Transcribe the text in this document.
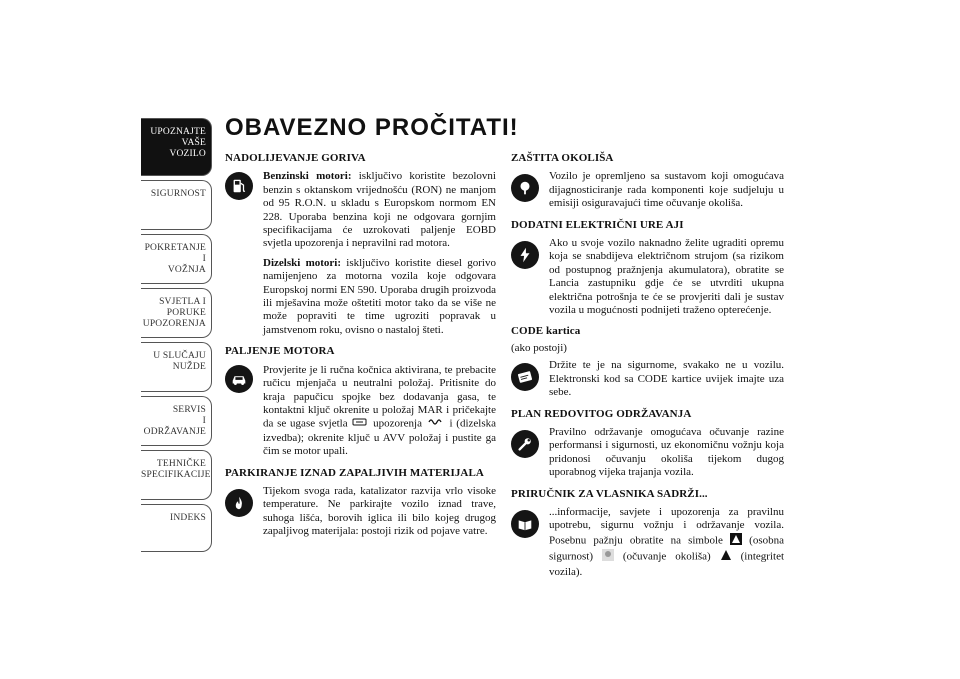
UPOZNAJTE
VAŠE
VOZILO
SIGURNOST
POKRETANJE
I
VOŽNJA
SVJETLA I
PORUKE
UPOZORENJA
U SLUČAJU
NUŽDE
SERVIS
I
ODRŽAVANJE
TEHNIČKE
SPECIFIKACIJE
INDEKS
OBAVEZNO PROČITATI!
NADOLIJEVANJE GORIVA

Benzinski motori: isključivo koristite bezolovni benzin s oktanskom vrijednošću (RON) ne manjom od 95 R.O.N. u skladu s Europskom normom EN 228. Uporaba benzina koji ne odgovara gornjim specifikacijama će uzrokovati paljenje EOBD svjetla upozorenja i nepravilni rad motora.

Dizelski motori: isključivo koristite diesel gorivo namijenjeno za motorna vozila koje odgovara Europskoj normi EN 590. Uporaba drugih proizvoda ili mješavina može oštetiti motor tako da se više ne može popraviti te time ugroziti popravak u jamstvenom roku, ovisno o nastaloj šteti.

PALJENJE MOTORA

Provjerite je li ručna kočnica aktivirana, te prebacite ručicu mjenjača u neutralni položaj. Pritisnite do kraja papučicu spojke bez dodavanja gasa, te kontaktni ključ okrenite u položaj MAR i pričekajte da se ugase svjetla  upozorenja  i (dizelska izvedba); okrenite ključ u AVV položaj i pustite ga čim se motor upali.

PARKIRANJE IZNAD ZAPALJIVIH MATERIJALA

Tijekom svoga rada, katalizator razvija vrlo visoke temperature. Ne parkirajte vozilo iznad trave, suhoga lišća, borovih iglica ili bilo kojeg drugog zapaljivog materijala: postoji rizik od pojave vatre.

ZAŠTITA OKOLIŠA

Vozilo je opremljeno sa sustavom koji omogućava dijagnosticiranje rada komponenti koje sudjeluju u emisiji osiguravajući time očuvanje okoliša.

DODATNI ELEKTRIČNI URE AJI

Ako u svoje vozilo naknadno želite ugraditi opremu koja se snabdijeva električnom strujom (sa rizikom od postupnog pražnjenja akumulatora), obratite se Lancia zastupniku gdje će se utvrditi ukupna električna potrošnja te će se provjeriti dali je sustav vozila u mogućnosti podnijeti traženo opterećenje.

CODE kartica
(ako postoji)

Držite te je na sigurnome, svakako ne u vozilu. Elektronski kod sa CODE kartice uvijek imajte uza sebe.

PLAN REDOVITOG ODRŽAVANJA

Pravilno održavanje omogućava očuvanje razine performansi i sigurnosti, uz ekonomičnu vožnju koja pridonosi očuvanju okoliša tijekom dugog uporabnog vijeka trajanja vozila.

PRIRUČNIK ZA VLASNIKA SADRŽI...

...informacije, savjete i upozorenja za pravilnu upotrebu, sigurnu vožnju i održavanje vozila. Posebnu pažnju obratite na simbole  (osobna sigurnost)  (očuvanje okoliša)  (integritet vozila).
